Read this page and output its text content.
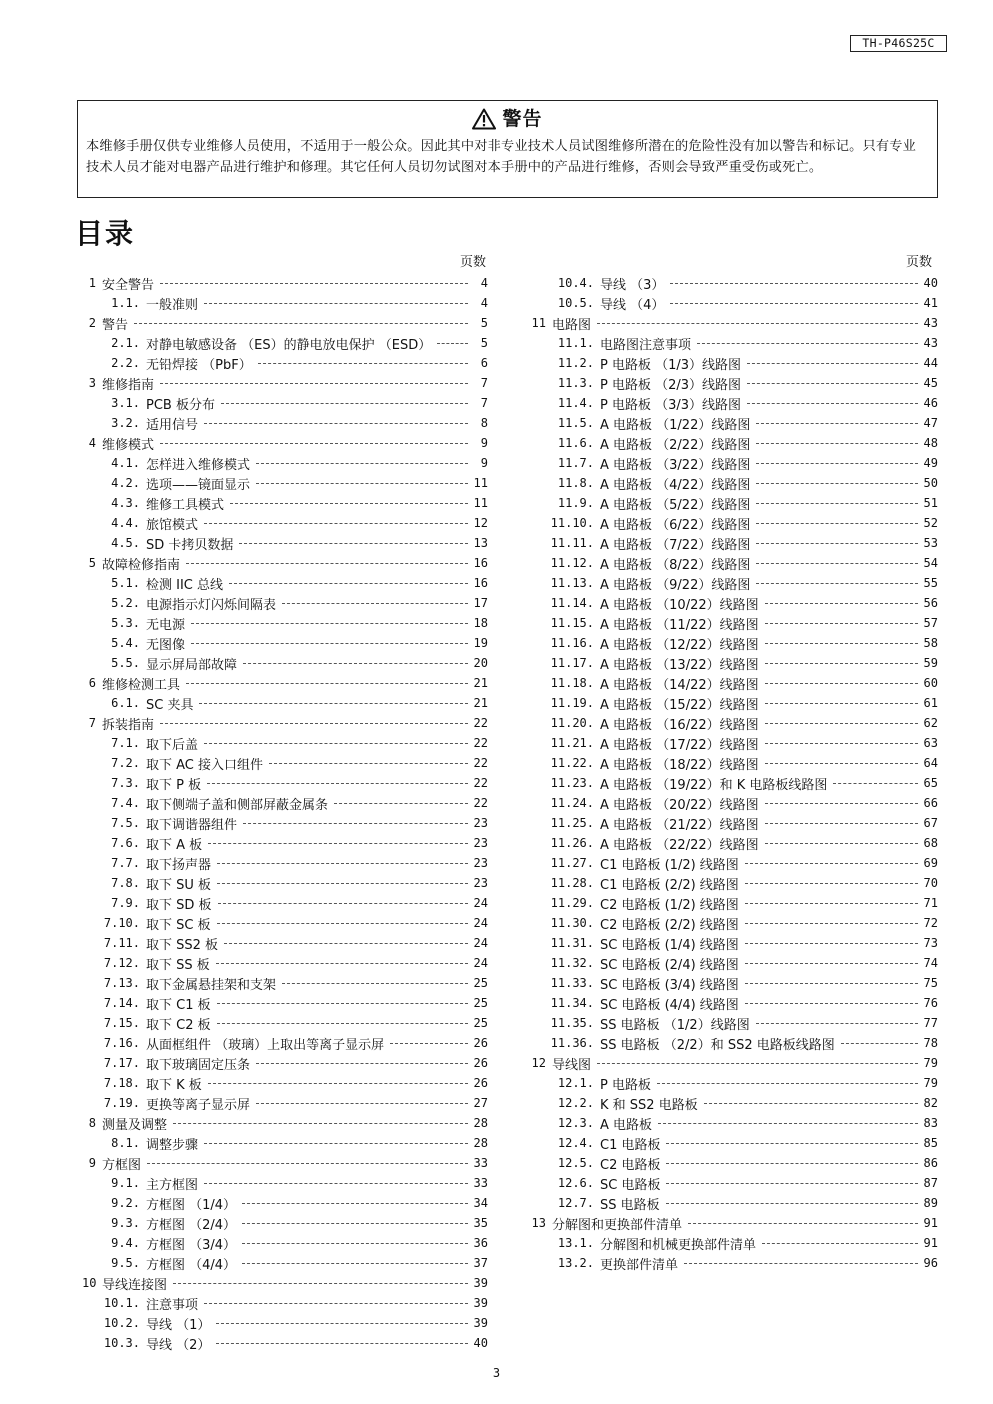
TH-P46S25C
警告
本维修手册仅供专业维修人员使用，不适用于一般公众。因此其中对非专业技术人员试图维修所潜在的危险性没有加以警告和标记。只有专业技术人员才能对电器产品进行维护和修理。其它任何人员切勿试图对本手册中的产品进行维修，否则会导致严重受伤或死亡。
目录
页数	页数
1 安全警告	4
1.1. 一般准则	4
2 警告	5
2.1. 对静电敏感设备 （ES）的静电放电保护 （ESD）	5
2.2. 无铅焊接 （PbF）	6
3 维修指南	7
3.1. PCB 板分布	7
3.2. 适用信号	8
4 维修模式	9
4.1. 怎样进入维修模式	9
4.2. 选项——镜面显示	11
4.3. 维修工具模式	11
4.4. 旅馆模式	12
4.5. SD 卡拷贝数据	13
5 故障检修指南	16
5.1. 检测 IIC 总线	16
5.2. 电源指示灯闪烁间隔表	17
5.3. 无电源	18
5.4. 无图像	19
5.5. 显示屏局部故障	20
6 维修检测工具	21
6.1. SC 夹具	21
7 拆装指南	22
7.1. 取下后盖	22
7.2. 取下 AC 接入口组件	22
7.3. 取下 P 板	22
7.4. 取下侧端子盖和侧部屏蔽金属条	22
7.5. 取下调谐器组件	23
7.6. 取下 A 板	23
7.7. 取下扬声器	23
7.8. 取下 SU 板	23
7.9. 取下 SD 板	24
7.10. 取下 SC 板	24
7.11. 取下 SS2 板	24
7.12. 取下 SS 板	24
7.13. 取下金属悬挂架和支架	25
7.14. 取下 C1 板	25
7.15. 取下 C2 板	25
7.16. 从面框组件 （玻璃）上取出等离子显示屏	26
7.17. 取下玻璃固定压条	26
7.18. 取下 K 板	26
7.19. 更换等离子显示屏	27
8 测量及调整	28
8.1. 调整步骤	28
9 方框图	33
9.1. 主方框图	33
9.2. 方框图 （1/4）	34
9.3. 方框图 （2/4）	35
9.4. 方框图 （3/4）	36
9.5. 方框图 （4/4）	37
10 导线连接图	39
10.1. 注意事项	39
10.2. 导线 （1）	39
10.3. 导线 （2）	40
10.4. 导线 （3）	40
10.5. 导线 （4）	41
11 电路图	43
11.1. 电路图注意事项	43
11.2. P 电路板 （1/3）线路图	44
11.3. P 电路板 （2/3）线路图	45
11.4. P 电路板 （3/3）线路图	46
11.5. A 电路板 （1/22）线路图	47
11.6. A 电路板 （2/22）线路图	48
11.7. A 电路板 （3/22）线路图	49
11.8. A 电路板 （4/22）线路图	50
11.9. A 电路板 （5/22）线路图	51
11.10. A 电路板 （6/22）线路图	52
11.11. A 电路板 （7/22）线路图	53
11.12. A 电路板 （8/22）线路图	54
11.13. A 电路板 （9/22）线路图	55
11.14. A 电路板 （10/22）线路图	56
11.15. A 电路板 （11/22）线路图	57
11.16. A 电路板 （12/22）线路图	58
11.17. A 电路板 （13/22）线路图	59
11.18. A 电路板 （14/22）线路图	60
11.19. A 电路板 （15/22）线路图	61
11.20. A 电路板 （16/22）线路图	62
11.21. A 电路板 （17/22）线路图	63
11.22. A 电路板 （18/22）线路图	64
11.23. A 电路板 （19/22）和 K 电路板线路图	65
11.24. A 电路板 （20/22）线路图	66
11.25. A 电路板 （21/22）线路图	67
11.26. A 电路板 （22/22）线路图	68
11.27. C1 电路板 (1/2) 线路图	69
11.28. C1 电路板 (2/2) 线路图	70
11.29. C2 电路板 (1/2) 线路图	71
11.30. C2 电路板 (2/2) 线路图	72
11.31. SC 电路板 (1/4) 线路图	73
11.32. SC 电路板 (2/4) 线路图	74
11.33. SC 电路板 (3/4) 线路图	75
11.34. SC 电路板 (4/4) 线路图	76
11.35. SS 电路板 （1/2）线路图	77
11.36. SS 电路板 （2/2）和 SS2 电路板线路图	78
12 导线图	79
12.1. P 电路板	79
12.2. K 和 SS2 电路板	82
12.3. A 电路板	83
12.4. C1 电路板	85
12.5. C2 电路板	86
12.6. SC 电路板	87
12.7. SS 电路板	89
13 分解图和更换部件清单	91
13.1. 分解图和机械更换部件清单	91
13.2. 更换部件清单	96
3
